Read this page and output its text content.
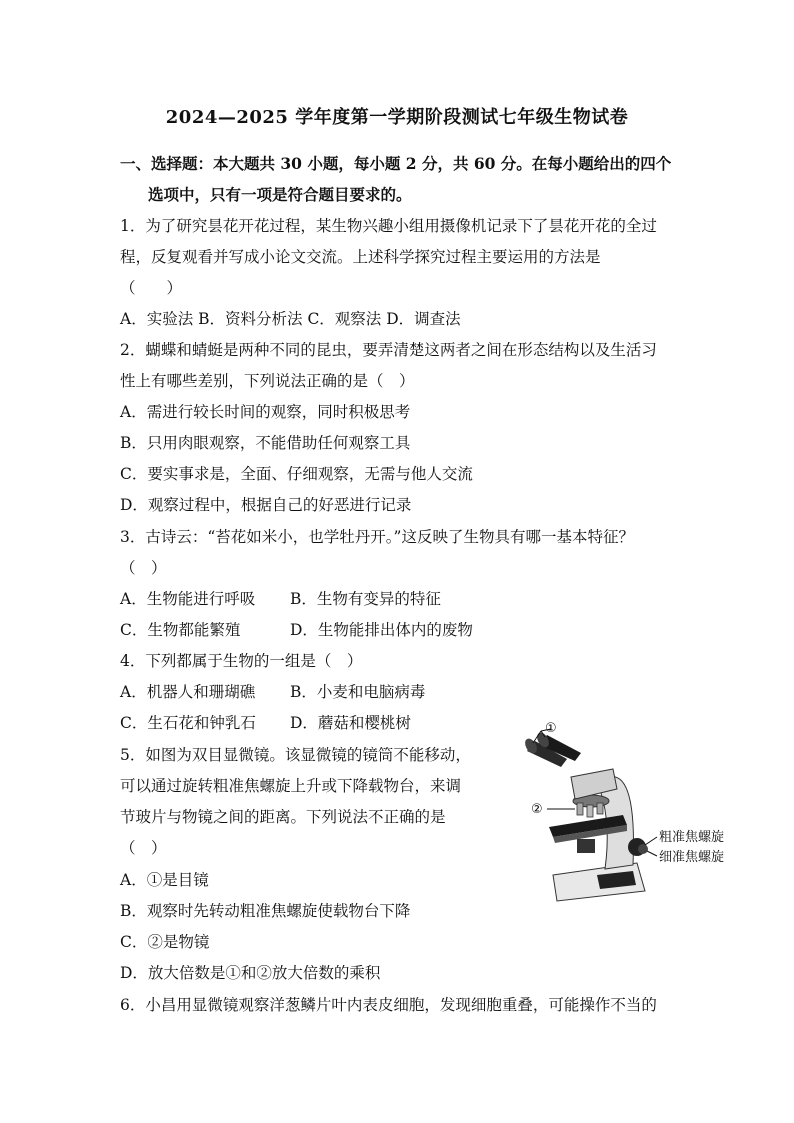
2024—2025 学年度第一学期阶段测试七年级生物试卷
一、选择题：本大题共 30 小题，每小题 2 分，共 60 分。在每小题给出的四个
选项中，只有一项是符合题目要求的。
1．为了研究昙花开花过程，某生物兴趣小组用摄像机记录下了昙花开花的全过
程，反复观看并写成小论文交流。上述科学探究过程主要运用的方法是
（　　）
A．实验法 B．资料分析法 C．观察法 D．调查法
2．蝴蝶和蜻蜓是两种不同的昆虫，要弄清楚这两者之间在形态结构以及生活习
性上有哪些差别，下列说法正确的是（　）
A．需进行较长时间的观察，同时积极思考
B．只用肉眼观察，不能借助任何观察工具
C．要实事求是，全面、仔细观察，无需与他人交流
D．观察过程中，根据自己的好恶进行记录
3．古诗云：“苔花如米小，也学牡丹开。”这反映了生物具有哪一基本特征？
（　）
A．生物能进行呼吸 B．生物有变异的特征
C．生物都能繁殖	D．生物能排出体内的废物
4．下列都属于生物的一组是（　）
A．机器人和珊瑚礁 B．小麦和电脑病毒
C．生石花和钟乳石 D．蘑菇和樱桃树
5．如图为双目显微镜。该显微镜的镜筒不能移动，
可以通过旋转粗准焦螺旋上升或下降载物台，来调
节玻片与物镜之间的距离。下列说法不正确的是
（　）
A．①是目镜
B．观察时先转动粗准焦螺旋使载物台下降
C．②是物镜
D．放大倍数是①和②放大倍数的乘积
①
②
粗准焦螺旋
细准焦螺旋
6．小昌用显微镜观察洋葱鳞片叶内表皮细胞，发现细胞重叠，可能操作不当的
